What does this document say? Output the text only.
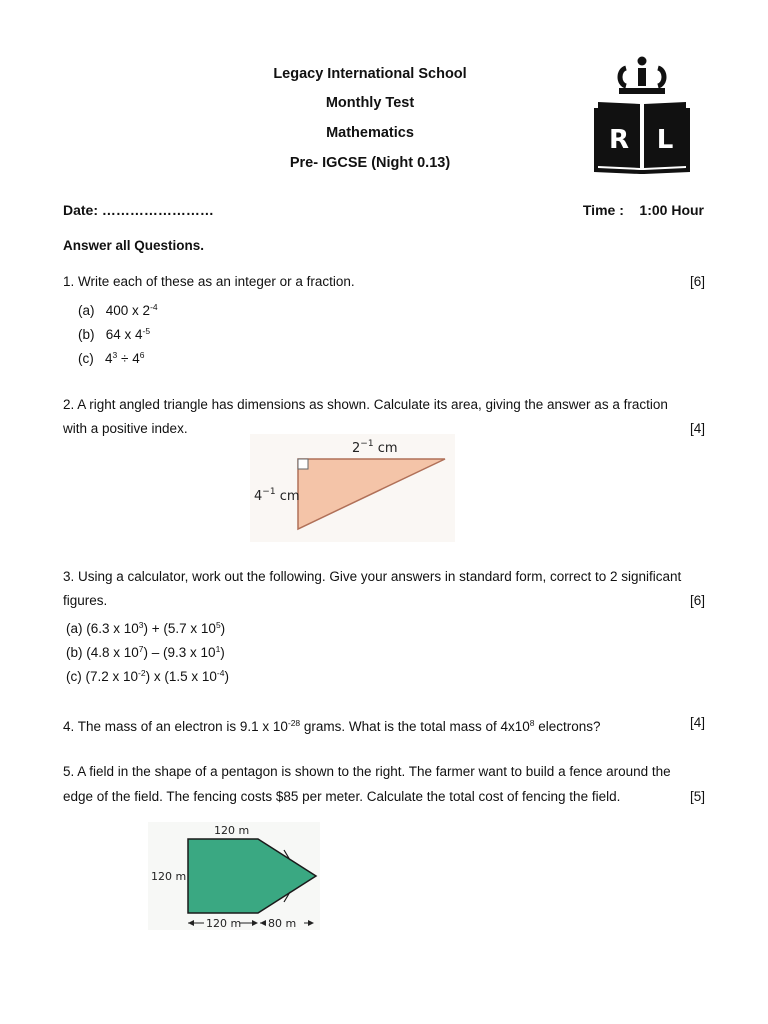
Legacy International School
Monthly Test
Mathematics
Pre- IGCSE (Night 0.13)
R L
Date: ……………………	Time : 1:00 Hour
Answer all Questions.
1. Write each of these as an integer or a fraction.	[6]
(a) 400 x $2^{-4}$
(b) 64 x $4^{-5}$
(c) $4^3 \div 4^6$
2. A right angled triangle has dimensions as shown. Calculate its area, giving the answer as a fraction
with a positive index.	[4]
$2^{-1}$ cm
$4^{-1}$ cm
3. Using a calculator, work out the following. Give your answers in standard form, correct to 2 significant
figures.	[6]
(a) (6.3 x $10^3) + (5.7$ x $10^5$)
(b) (4.8 x $10^7) - (9.3$ x $10^1$)
(c) (7.2 x $10^{-2}$) x (1.5 x $10^{-4}$)
4. The mass of an electron is 9.1 x $10^{-28}$ grams. What is the total mass of $4x10^8$ electrons?	[4]
5. A field in the shape of a pentagon is shown to the right. The farmer want to build a fence around the
edge of the field. The fencing costs $85 per meter. Calculate the total cost of fencing the field.	[5]
120 m
120 m
120 m 80 m
